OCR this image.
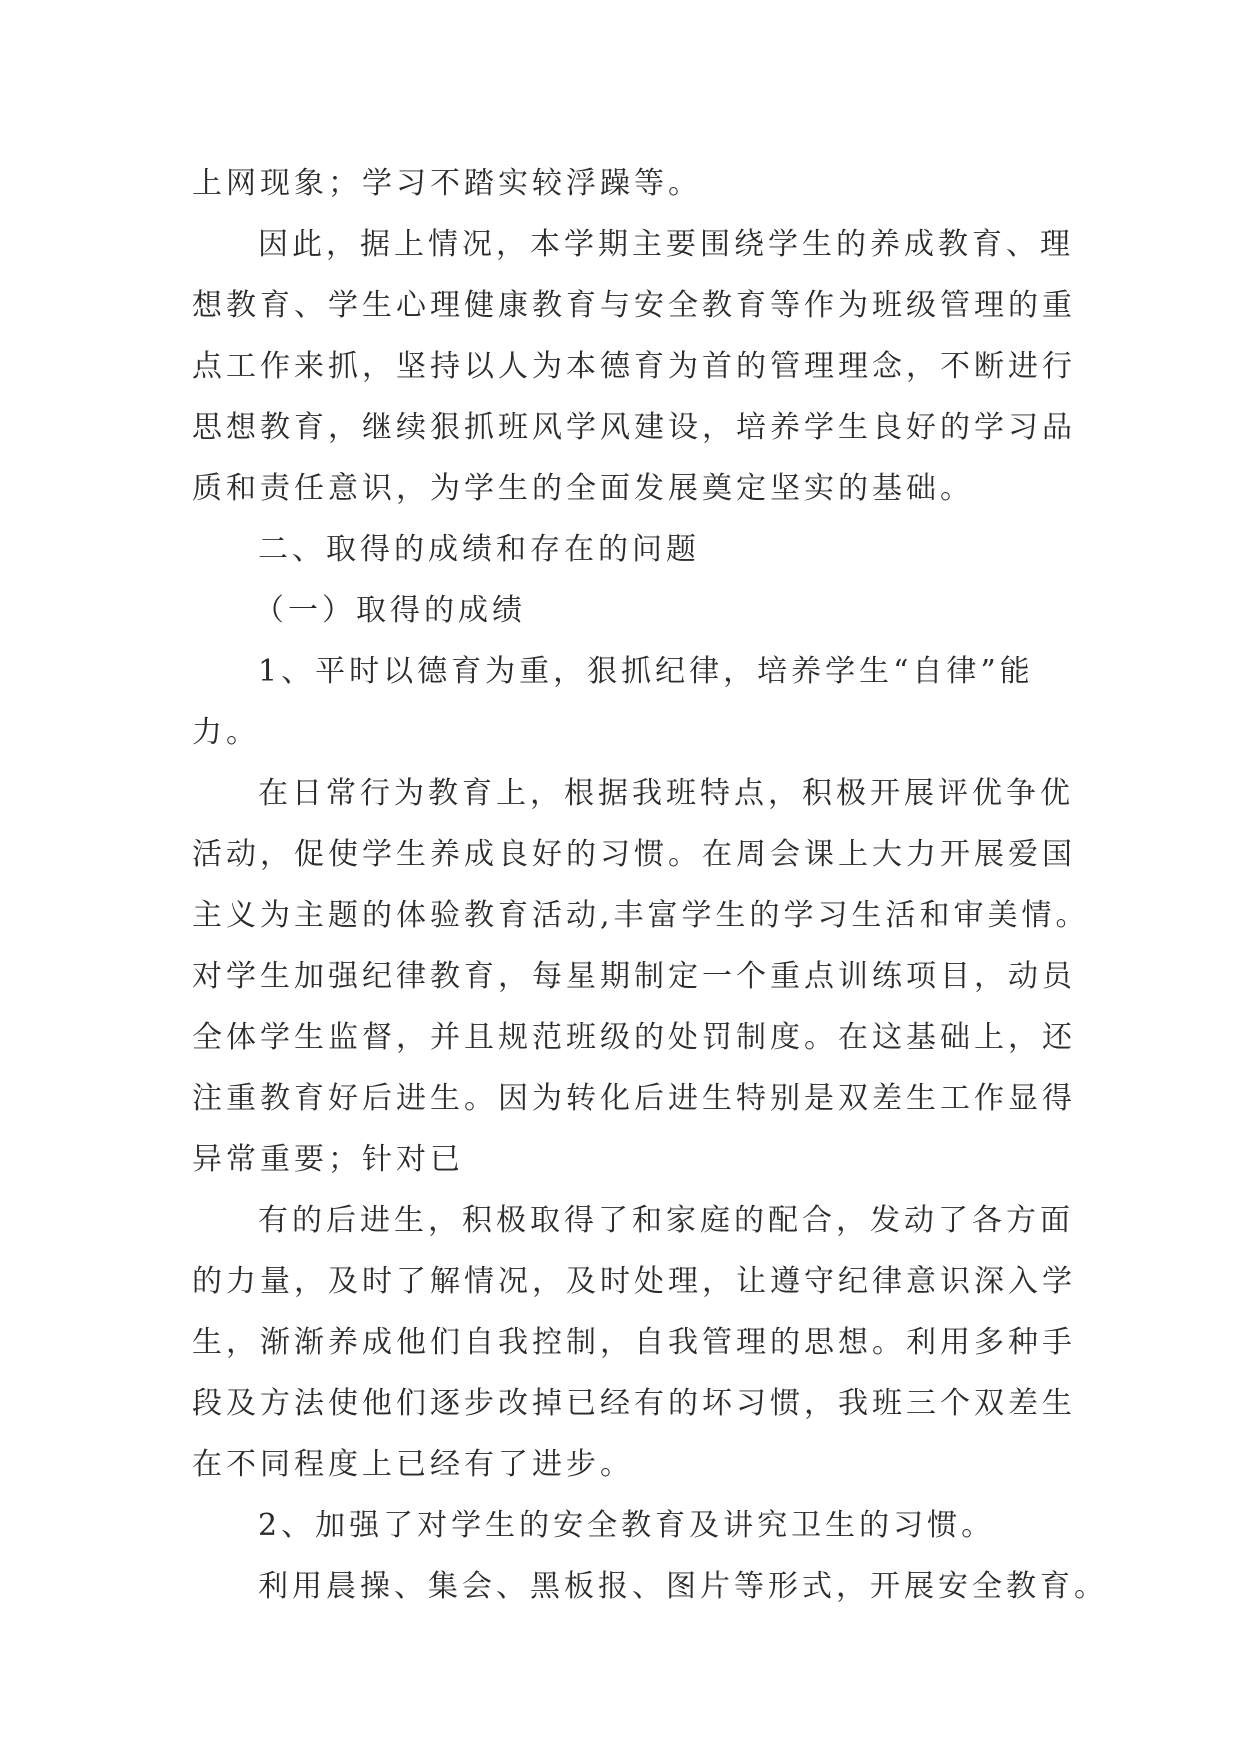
上网现象；学习不踏实较浮躁等。
因此，据上情况，本学期主要围绕学生的养成教育、理
想教育、学生心理健康教育与安全教育等作为班级管理的重
点工作来抓，坚持以人为本德育为首的管理理念，不断进行
思想教育，继续狠抓班风学风建设，培养学生良好的学习品
质和责任意识，为学生的全面发展奠定坚实的基础。
二、取得的成绩和存在的问题
（一）取得的成绩
1、平时以德育为重，狠抓纪律，培养学生“自律”能
力。
在日常行为教育上，根据我班特点，积极开展评优争优
活动，促使学生养成良好的习惯。在周会课上大力开展爱国
主义为主题的体验教育活动,丰富学生的学习生活和审美情。
对学生加强纪律教育，每星期制定一个重点训练项目，动员
全体学生监督，并且规范班级的处罚制度。在这基础上，还
注重教育好后进生。因为转化后进生特别是双差生工作显得
异常重要；针对已
有的后进生，积极取得了和家庭的配合，发动了各方面
的力量，及时了解情况，及时处理，让遵守纪律意识深入学
生，渐渐养成他们自我控制，自我管理的思想。利用多种手
段及方法使他们逐步改掉已经有的坏习惯，我班三个双差生
在不同程度上已经有了进步。
2、加强了对学生的安全教育及讲究卫生的习惯。
利用晨操、集会、黑板报、图片等形式，开展安全教育。
